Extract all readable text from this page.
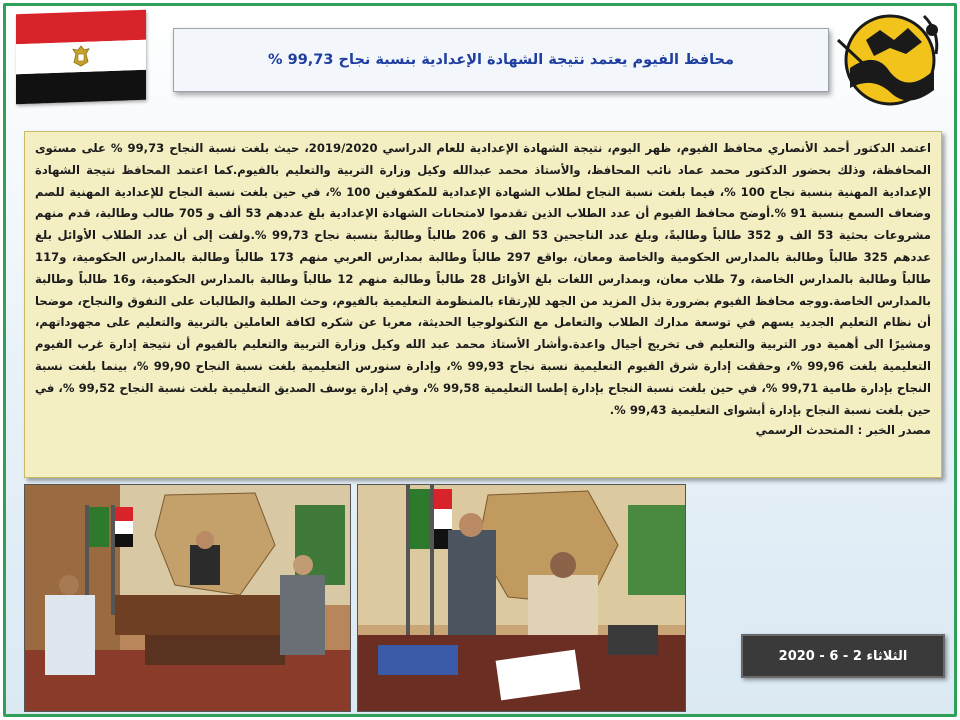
محافظ الفيوم يعتمد نتيجة الشهادة الإعدادية بنسبة نجاح 99,73 %

اعتمد الدكتور أحمد الأنصاري محافظ الفيوم، ظهر اليوم، نتيجة الشهادة الإعدادية للعام الدراسي 2019/2020، حيث بلغت نسبة النجاح 99,73 % على مستوى المحافظة، وذلك بحضور الدكتور محمد عماد نائب المحافظ، والأستاذ محمد عبدالله وكيل وزارة التربية والتعليم بالفيوم.كما اعتمد المحافظ نتيجة الشهادة الإعدادية المهنية بنسبة نجاح 100 %، فيما بلغت نسبة النجاح لطلاب الشهادة الإعدادية للمكفوفين 100 %، في حين بلغت نسبة النجاح للإعدادية المهنية للصم وضعاف السمع بنسبة 91 %.أوضح محافظ الفيوم أن عدد الطلاب الذين تقدموا لامتحانات الشهادة الإعدادية بلغ عددهم 53 ألف و 705 طالب وطالبة، قدم منهم مشروعات بحثية 53 الف و 352 طالباً وطالبةً، وبلغ عدد الناجحين 53 الف و 206 طالباً وطالبةً بنسبة نجاح 99,73 %.ولفت إلى أن عدد الطلاب الأوائل بلغ عددهم 325 طالباً وطالبة بالمدارس الحكومية والخاصة ومعان، بواقع 297 طالباً وطالبة بمدارس العربي منهم 173 طالباً وطالبة بالمدارس الحكومية، و117 طالباً وطالبة بالمدارس الخاصة، و7 طلاب معان، وبمدارس اللغات بلغ الأوائل 28 طالباً وطالبة منهم 12 طالباً وطالبة بالمدارس الحكومية، و16 طالباً وطالبة بالمدارس الخاصة.ووجه محافظ الفيوم بضرورة بذل المزيد من الجهد للإرتقاء بالمنظومة التعليمية بالفيوم، وحث الطلبة والطالبات على التفوق والنجاح، موضحا أن نظام التعليم الجديد يسهم في توسعة مدارك الطلاب والتعامل مع التكنولوجيا الحديثة، معربا عن شكره لكافة العاملين بالتربية والتعليم على مجهوداتهم، ومشيرًا الى أهمية دور التربية والتعليم فى تخريج أجيال واعدة.وأشار الأستاذ محمد عبد الله وكيل وزارة التربية والتعليم بالفيوم أن نتيجة إدارة غرب الفيوم التعليمية بلغت 99,96 %، وحققت إدارة شرق الفيوم التعليمية نسبة نجاح 99,93 %، وإدارة سنورس التعليمية بلغت نسبة النجاح 99,90 %، بينما بلغت نسبة النجاح بإدارة طامية 99,71 %، في حين بلغت نسبة النجاح بإدارة إطسا التعليمية 99,58 %، وفي إدارة يوسف الصديق التعليمية بلغت نسبة النجاح 99,52 %، في حين بلغت نسبة النجاح بإدارة أبشواى التعليمية 99,43 %.

مصدر الخبر : المتحدث الرسمي

الثلاثاء 2 - 6 - 2020
